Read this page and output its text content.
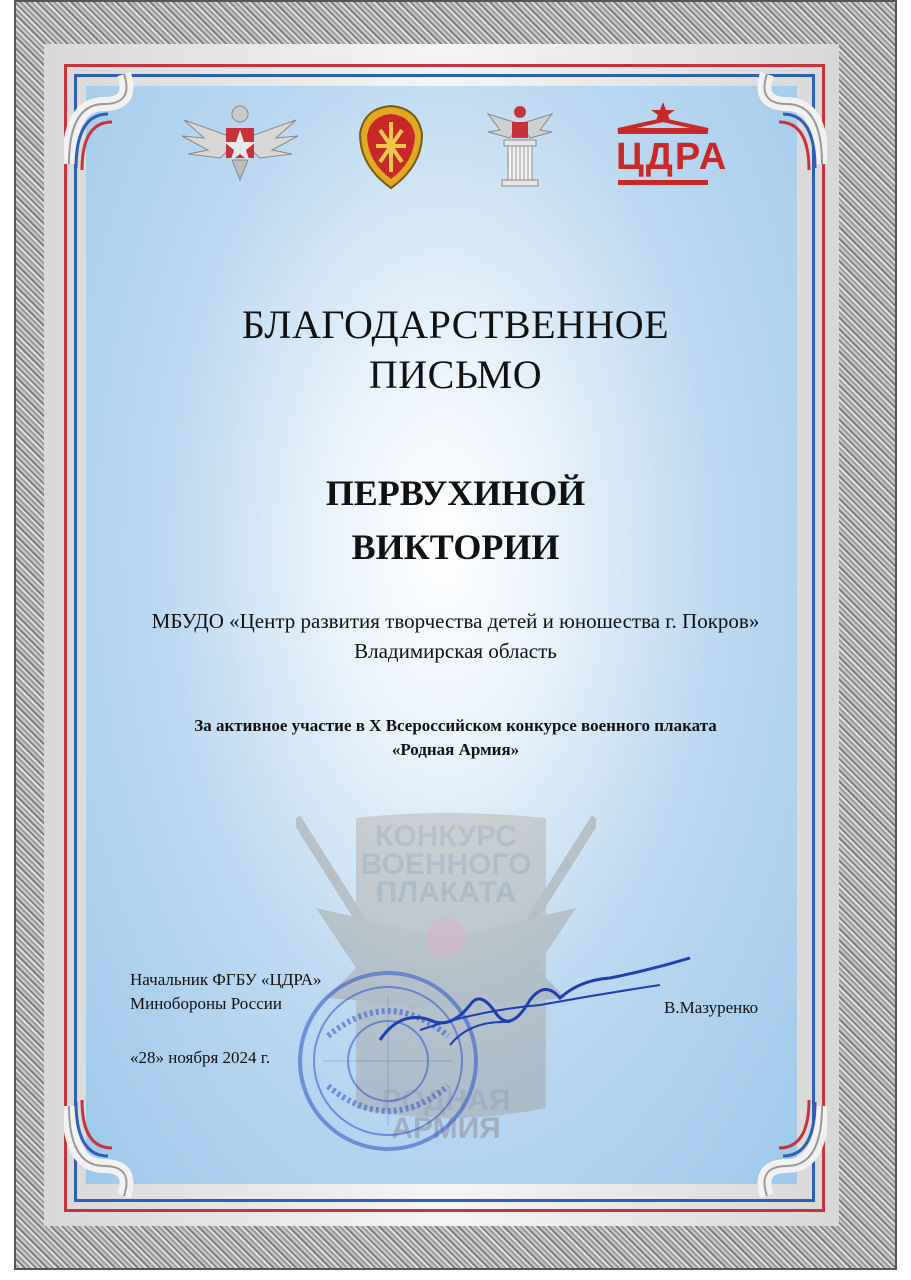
ЦДРА
КОНКУРС
ВОЕННОГО
ПЛАКАТА
РОДНАЯ
АРМИЯ
БЛАГОДАРСТВЕННОЕ
ПИСЬМО
ПЕРВУХИНОЙ
ВИКТОРИИ
МБУДО «Центр развития творчества детей и юношества г. Покров»
Владимирская область
За активное участие в X Всероссийском конкурсе военного плаката
«Родная Армия»
Начальник ФГБУ «ЦДРА»
Минобороны России
«28» ноября 2024 г.
В.Мазуренко
